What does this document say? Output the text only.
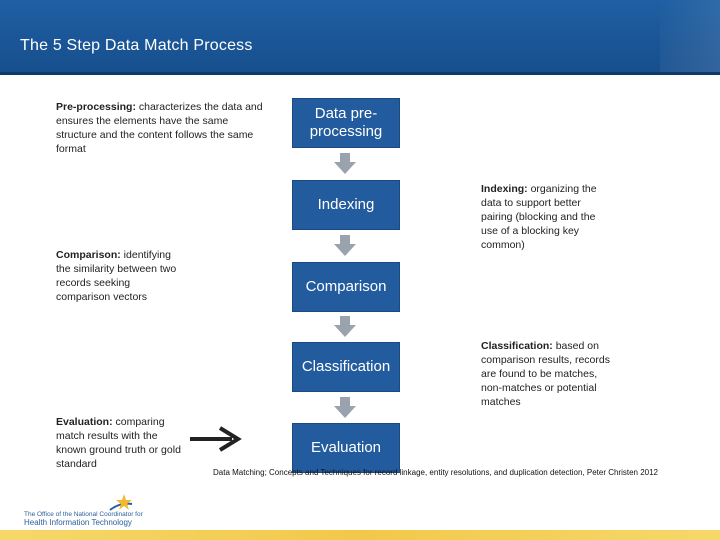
The 5 Step Data Match Process
Data pre-processing
Indexing
Comparison
Classification
Evaluation
Pre-processing: characterizes the data and ensures the elements have the same structure and the content follows the same format
Indexing: organizing the data to support better pairing (blocking and the use of a blocking key common)
Comparison: identifying the similarity between two records seeking comparison vectors
Classification: based on comparison results, records are found to be matches, non-matches or potential matches
Evaluation: comparing match results with the known ground truth or gold standard
Data Matching; Concepts and Techniques for record linkage, entity resolutions, and duplication detection, Peter Christen 2012
The Office of the National Coordinator for
Health Information Technology
